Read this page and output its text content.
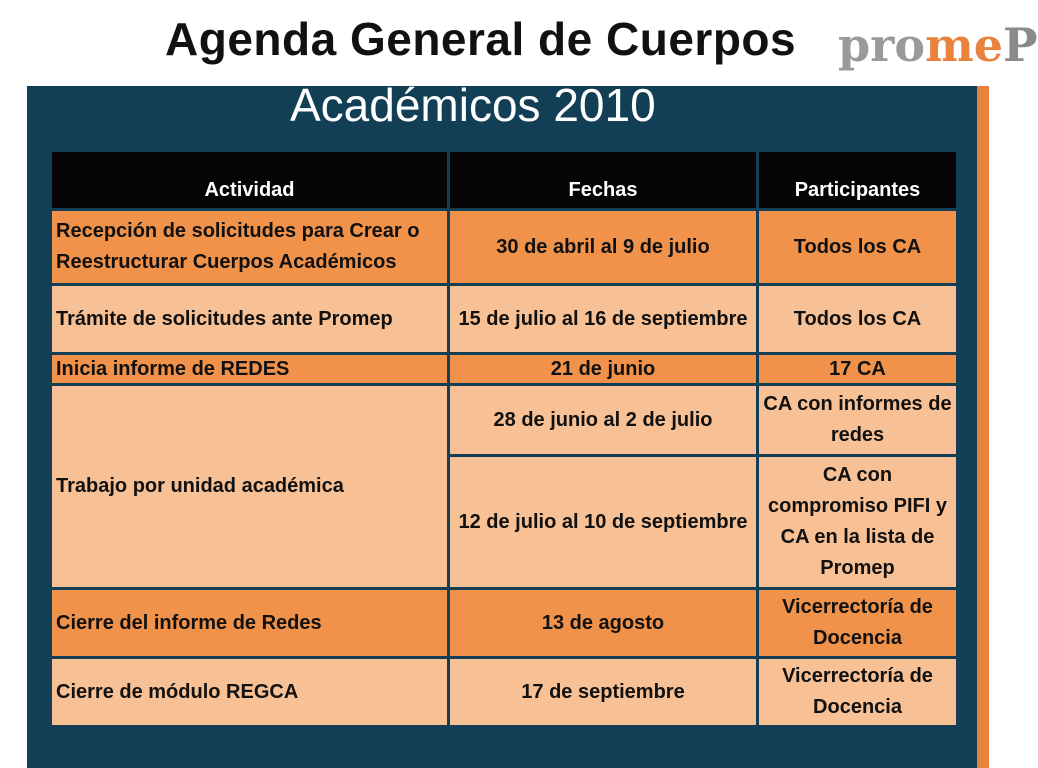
Agenda General de Cuerpos
Académicos 2010
promeP
Actividad	Fechas	Participantes
Recepción de solicitudes para Crear o Reestructurar Cuerpos Académicos	30 de abril al 9 de julio	Todos los CA
Trámite de solicitudes ante Promep	15 de julio al 16 de septiembre	Todos los CA
Inicia informe de REDES	21 de junio	17 CA
Trabajo por unidad académica	28 de junio al 2 de julio	CA con informes de redes
	12 de julio al 10 de septiembre	CA con compromiso PIFI y CA en la lista de Promep
Cierre del informe de Redes	13 de agosto	Vicerrectoría de Docencia
Cierre de módulo REGCA	17 de septiembre	Vicerrectoría de Docencia
